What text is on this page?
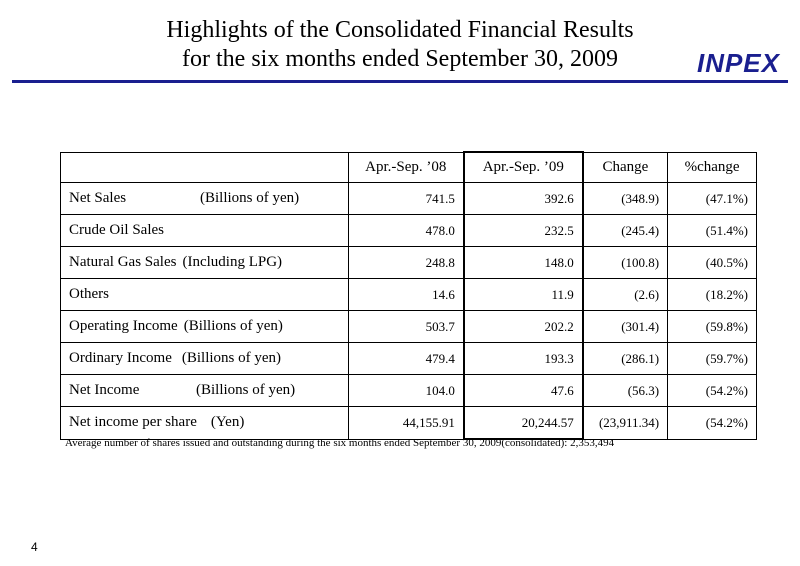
Highlights of the Consolidated Financial Results
for the six months ended September 30, 2009	INPEX
	Apr.-Sep. ’08	Apr.-Sep. ’09	Change	%change
Net Sales (Billions of yen)	741.5	392.6	(348.9)	(47.1%)
Crude Oil Sales	478.0	232.5	(245.4)	(51.4%)
Natural Gas Sales (Including LPG)	248.8	148.0	(100.8)	(40.5%)
Others	14.6	11.9	(2.6)	(18.2%)
Operating Income (Billions of yen)	503.7	202.2	(301.4)	(59.8%)
Ordinary Income (Billions of yen)	479.4	193.3	(286.1)	(59.7%)
Net Income (Billions of yen)	104.0	47.6	(56.3)	(54.2%)
Net income per share (Yen)	44,155.91	20,244.57	(23,911.34)	(54.2%)
Average number of shares issued and outstanding during the six months ended September 30, 2009(consolidated): 2,353,494
4
